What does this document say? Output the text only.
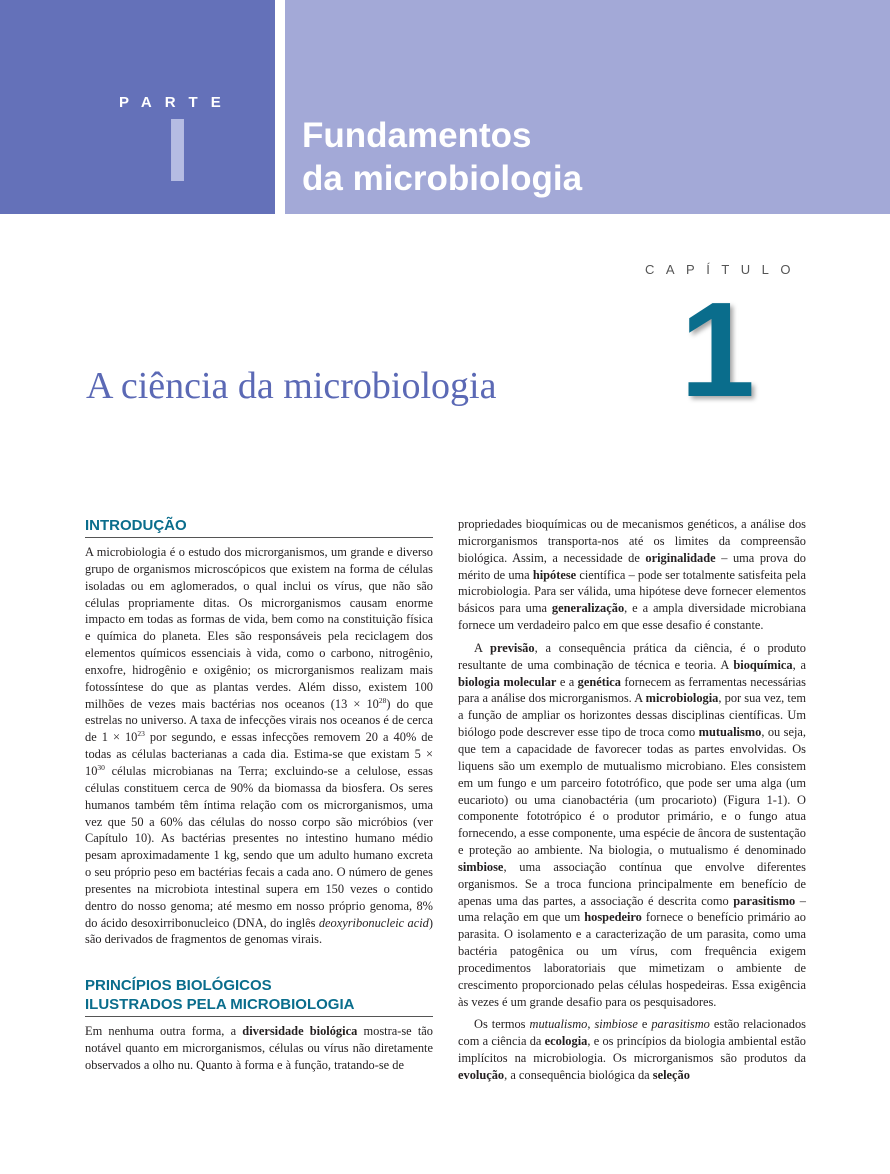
PARTE
I	Fundamentos
da microbiologia
CAPÍTULO
1
A ciência da microbiologia
INTRODUÇÃO

A microbiologia é o estudo dos microrganismos, um grande e diverso grupo de organismos microscópicos que existem na forma de células isoladas ou em aglomerados, o qual inclui os vírus, que não são células propriamente ditas. Os microrganismos causam enorme impacto em todas as formas de vida, bem como na constituição física e química do planeta. Eles são responsáveis pela reciclagem dos elementos químicos essenciais à vida, como o carbono, nitrogênio, enxofre, hidrogênio e oxigênio; os microrganismos realizam mais fotossíntese do que as plantas verdes. Além disso, existem 100 milhões de vezes mais bactérias nos oceanos $(13 \times 10^{28})$ do que estrelas no universo. A taxa de infecções virais nos oceanos é de cerca de $1 \times 10^{23}$ por segundo, e essas infecções removem 20 a 40% de todas as células bacterianas a cada dia. Estima-se que existam $5 \times 10^{30}$ células microbianas na Terra; excluindo-se a celulose, essas células constituem cerca de 90% da biomassa da biosfera. Os seres humanos também têm íntima relação com os microrganismos, uma vez que 50 a 60% das células do nosso corpo são micróbios (ver Capítulo 10). As bactérias presentes no intestino humano médio pesam aproximadamente 1 kg, sendo que um adulto humano excreta o seu próprio peso em bactérias fecais a cada ano. O número de genes presentes na microbiota intestinal supera em 150 vezes o contido dentro do nosso genoma; até mesmo em nosso próprio genoma, 8% do ácido desoxirribonucleico (DNA, do inglês deoxyribonucleic acid) são derivados de fragmentos de genomas virais.

PRINCÍPIOS BIOLÓGICOS
ILUSTRADOS PELA MICROBIOLOGIA

Em nenhuma outra forma, a diversidade biológica mostra-se tão notável quanto em microrganismos, células ou vírus não diretamente observados a olho nu. Quanto à forma e à função, tratando-se de

propriedades bioquímicas ou de mecanismos genéticos, a análise dos microrganismos transporta-nos até os limites da compreensão biológica. Assim, a necessidade de originalidade – uma prova do mérito de uma hipótese científica – pode ser totalmente satisfeita pela microbiologia. Para ser válida, uma hipótese deve fornecer elementos básicos para uma generalização, e a ampla diversidade microbiana fornece um verdadeiro palco em que esse desafio é constante.

A previsão, a consequência prática da ciência, é o produto resultante de uma combinação de técnica e teoria. A bioquímica, a biologia molecular e a genética fornecem as ferramentas necessárias para a análise dos microrganismos. A microbiologia, por sua vez, tem a função de ampliar os horizontes dessas disciplinas científicas. Um biólogo pode descrever esse tipo de troca como mutualismo, ou seja, que tem a capacidade de favorecer todas as partes envolvidas. Os liquens são um exemplo de mutualismo microbiano. Eles consistem em um fungo e um parceiro fototrófico, que pode ser uma alga (um eucarioto) ou uma cianobactéria (um procarioto) (Figura 1-1). O componente fototrópico é o produtor primário, e o fungo atua fornecendo, a esse componente, uma espécie de âncora de sustentação e proteção ao ambiente. Na biologia, o mutualismo é denominado simbiose, uma associação contínua que envolve diferentes organismos. Se a troca funciona principalmente em benefício de apenas uma das partes, a associação é descrita como parasitismo – uma relação em que um hospedeiro fornece o benefício primário ao parasita. O isolamento e a caracterização de um parasita, como uma bactéria patogênica ou um vírus, com frequência exigem procedimentos laboratoriais que mimetizam o ambiente de crescimento proporcionado pelas células hospedeiras. Essa exigência às vezes é um grande desafio para os pesquisadores.

Os termos mutualismo, simbiose e parasitismo estão relacionados com a ciência da ecologia, e os princípios da biologia ambiental estão implícitos na microbiologia. Os microrganismos são produtos da evolução, a consequência biológica da seleção
